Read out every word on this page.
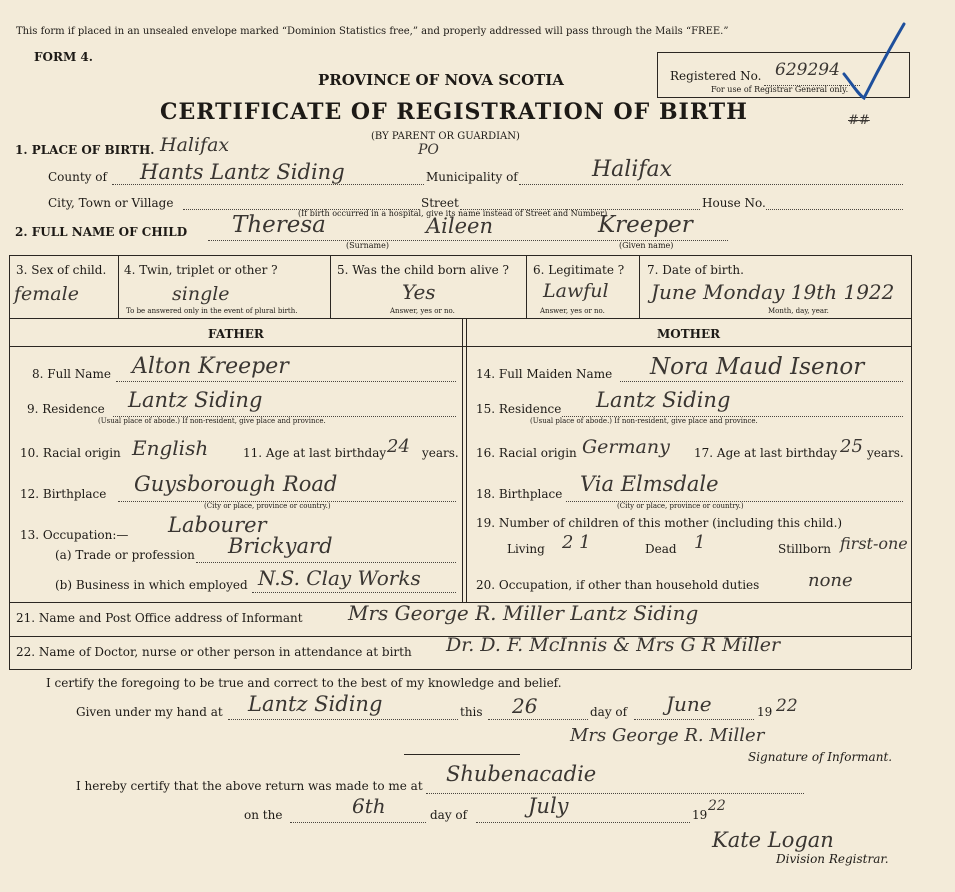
This form if placed in an unsealed envelope marked “Dominion Statistics free,” and properly addressed will pass through the Mails “FREE.”
FORM 4.
Registered No. 629294
For use of Registrar General only.
PROVINCE OF NOVA SCOTIA
CERTIFICATE OF REGISTRATION OF BIRTH
(BY PARENT OR GUARDIAN)
##
1. PLACE OF BIRTH. Halifax
County of Hants Lantz Siding
PO
Municipality of	Halifax
City, Town or Village	Street	House No.
(If birth occurred in a hospital, give its name instead of Street and Number)
2. FULL NAME OF CHILD Theresa	Aileen	Kreeper
(Surname)	(Given name)
3. Sex of child.
female
4. Twin, triplet or other ?
single
To be answered only in the event of plural birth.
5. Was the child born alive ?
Yes
Answer, yes or no.
6. Legitimate ?
Lawful
Answer, yes or no.
7. Date of birth.
June Monday 19th 1922
Month, day, year.
FATHER	MOTHER
8. Full Name Alton Kreeper
9. Residence Lantz Siding
(Usual place of abode.) If non-resident, give place and province.
10. Racial origin English	11. Age at last birthday 24 years.
12. Birthplace Guysborough Road
(City or place, province or country.)
13. Occupation:— Labourer
(a) Trade or profession Brickyard
(b) Business in which employed N.S. Clay Works
14. Full Maiden Name Nora Maud Isenor
15. Residence Lantz Siding
(Usual place of abode.) If non-resident, give place and province.
16. Racial origin Germany 17. Age at last birthday 25 years.
18. Birthplace Via Elmsdale
(City or place, province or country.)
19. Number of children of this mother (including this child.)
Living 2 1	Dead 1	Stillborn first-one
20. Occupation, if other than household duties	none
21. Name and Post Office address of Informant Mrs George R. Miller Lantz Siding
22. Name of Doctor, nurse or other person in attendance at birth Dr. D. F. McInnis & Mrs G R Miller
I certify the foregoing to be true and correct to the best of my knowledge and belief.
Given under my hand at Lantz Siding	this 26	day of June	19 22
Mrs George R. Miller
Signature of Informant.
I hereby certify that the above return was made to me at Shubenacadie
on the	6th	day of	July	19
22
Kate Logan
Division Registrar.
